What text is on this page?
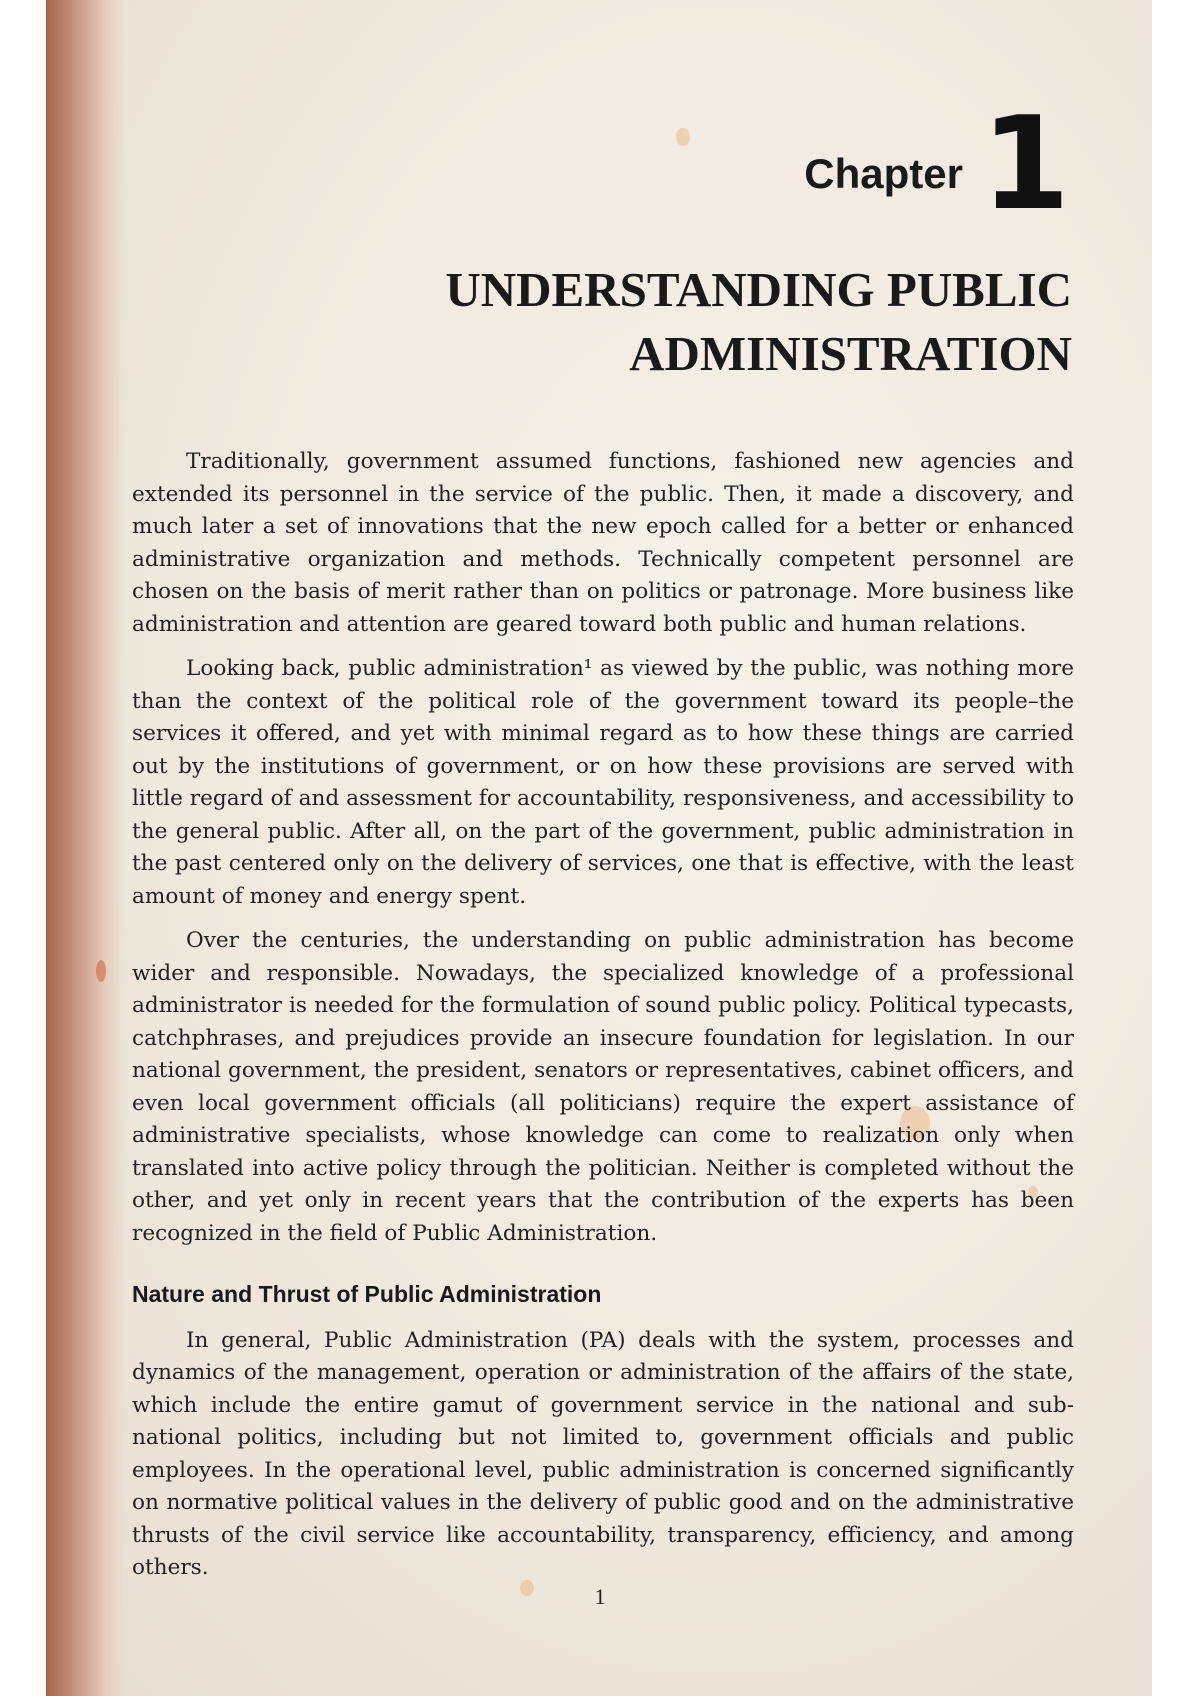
Chapter 1
UNDERSTANDING PUBLIC
ADMINISTRATION

Traditionally, government assumed functions, fashioned new agencies and extended its personnel in the service of the public. Then, it made a discovery, and much later a set of innovations that the new epoch called for a better or enhanced administrative organization and methods. Technically competent personnel are chosen on the basis of merit rather than on politics or patronage. More business like administration and attention are geared toward both public and human relations.

Looking back, public administration¹ as viewed by the public, was nothing more than the context of the political role of the government toward its people–the services it offered, and yet with minimal regard as to how these things are carried out by the institutions of government, or on how these provisions are served with little regard of and assessment for accountability, responsiveness, and accessibility to the general public. After all, on the part of the government, public administration in the past centered only on the delivery of services, one that is effective, with the least amount of money and energy spent.

Over the centuries, the understanding on public administration has become wider and responsible. Nowadays, the specialized knowledge of a professional administrator is needed for the formulation of sound public policy. Political typecasts, catchphrases, and prejudices provide an insecure foundation for legislation. In our national government, the president, senators or representatives, cabinet officers, and even local government officials (all politicians) require the expert assistance of administrative specialists, whose knowledge can come to realization only when translated into active policy through the politician. Neither is completed without the other, and yet only in recent years that the contribution of the experts has been recognized in the field of Public Administration.

Nature and Thrust of Public Administration

In general, Public Administration (PA) deals with the system, processes and dynamics of the management, operation or administration of the affairs of the state, which include the entire gamut of government service in the national and sub-national politics, including but not limited to, government officials and public employees. In the operational level, public administration is concerned significantly on normative political values in the delivery of public good and on the administrative thrusts of the civil service like accountability, transparency, efficiency, and among others.

1
